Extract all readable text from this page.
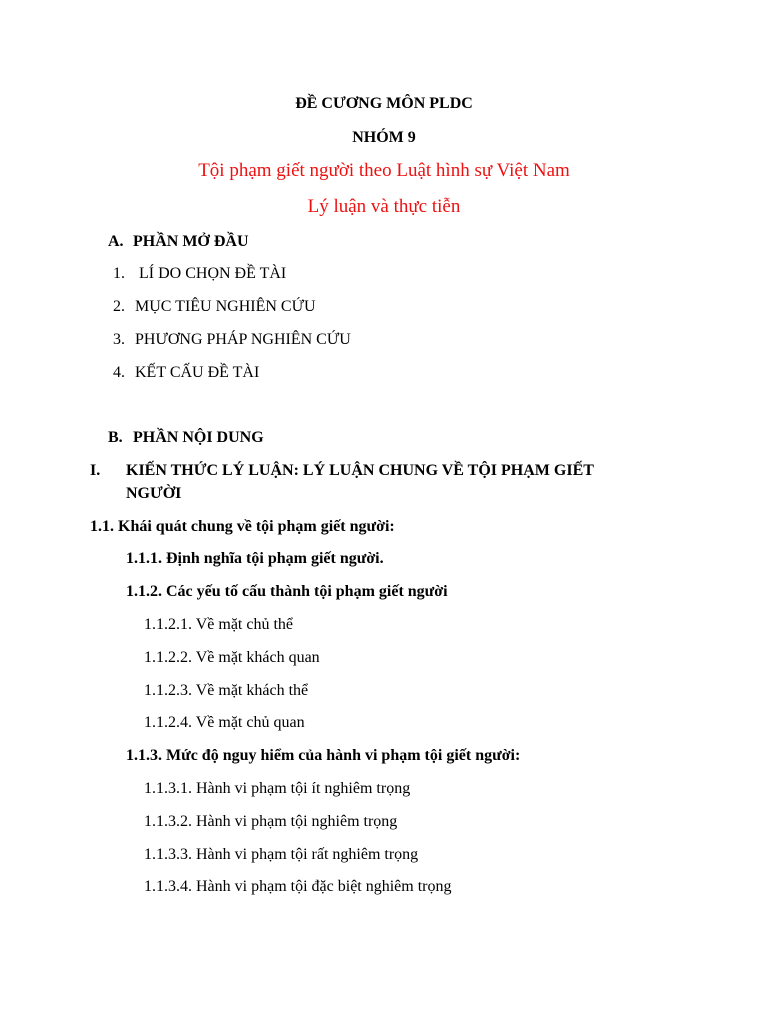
ĐỀ CƯƠNG MÔN PLDC
NHÓM 9
Tội phạm giết người theo Luật hình sự Việt Nam
Lý luận và thực tiễn
A. PHẦN MỞ ĐẦU
1. LÍ DO CHỌN ĐỀ TÀI
2. MỤC TIÊU NGHIÊN CỨU
3. PHƯƠNG PHÁP NGHIÊN CỨU
4. KẾT CẤU ĐỀ TÀI
B. PHẦN NỘI DUNG
I. KIẾN THỨC LÝ LUẬN: LÝ LUẬN CHUNG VỀ TỘI PHẠM GIẾT
NGƯỜI
1.1. Khái quát chung về tội phạm giết người:
1.1.1. Định nghĩa tội phạm giết người.
1.1.2. Các yếu tố cấu thành tội phạm giết người
1.1.2.1. Về mặt chủ thể
1.1.2.2. Về mặt khách quan
1.1.2.3. Về mặt khách thể
1.1.2.4. Về mặt chủ quan
1.1.3. Mức độ nguy hiểm của hành vi phạm tội giết người:
1.1.3.1. Hành vi phạm tội ít nghiêm trọng
1.1.3.2. Hành vi phạm tội nghiêm trọng
1.1.3.3. Hành vi phạm tội rất nghiêm trọng
1.1.3.4. Hành vi phạm tội đặc biệt nghiêm trọng
